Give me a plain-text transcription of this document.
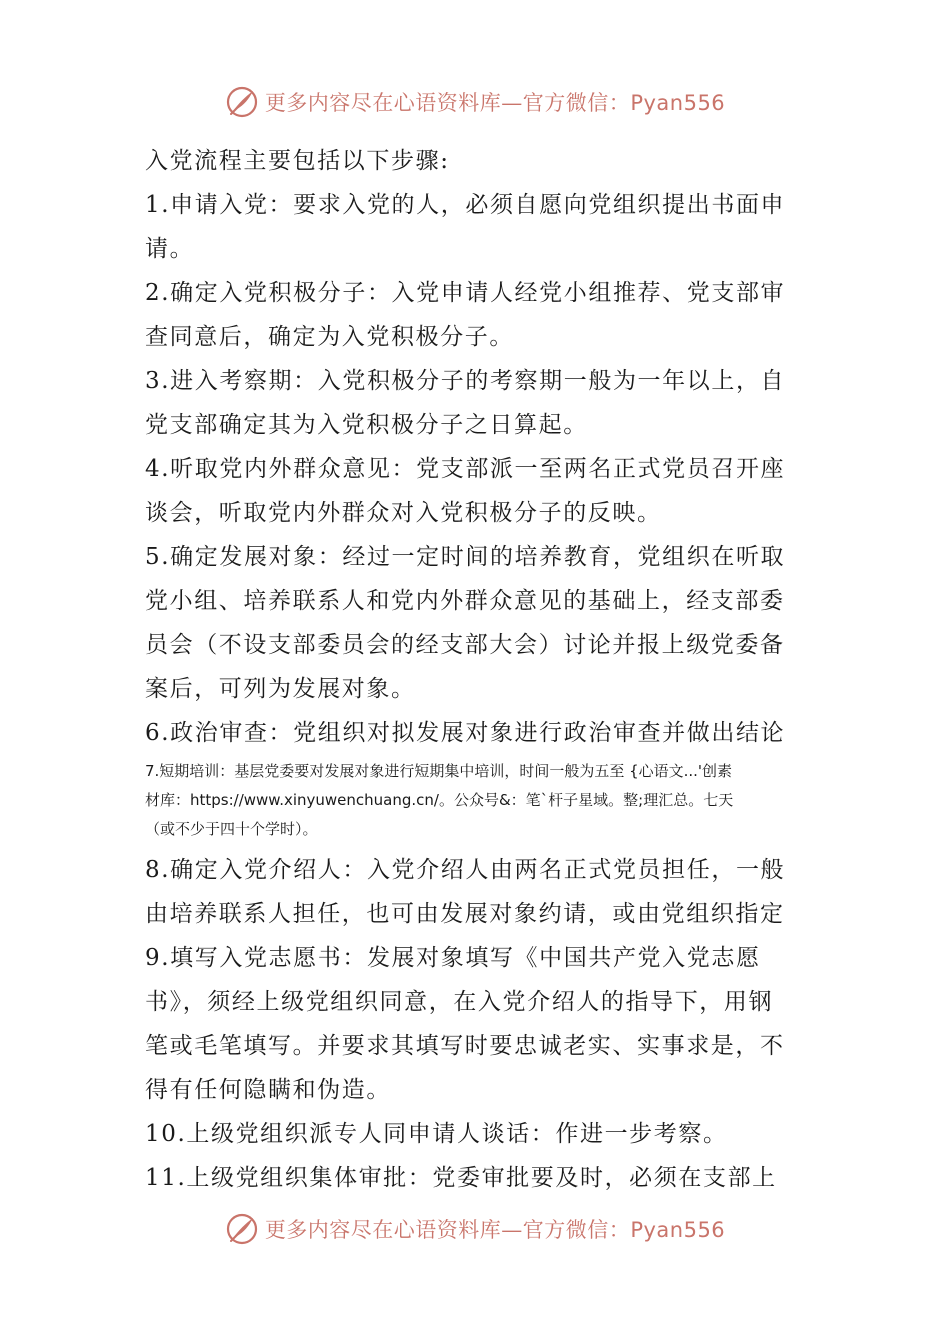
更多内容尽在心语资料库—官方微信：Pyan556
入党流程主要包括以下步骤:
1.申请入党：要求入党的人，必须自愿向党组织提出书面申
请。
2.确定入党积极分子：入党申请人经党小组推荐、党支部审
查同意后，确定为入党积极分子。
3.进入考察期：入党积极分子的考察期一般为一年以上，自
党支部确定其为入党积极分子之日算起。
4.听取党内外群众意见：党支部派一至两名正式党员召开座
谈会，听取党内外群众对入党积极分子的反映。
5.确定发展对象：经过一定时间的培养教育，党组织在听取
党小组、培养联系人和党内外群众意见的基础上，经支部委
员会（不设支部委员会的经支部大会）讨论并报上级党委备
案后，可列为发展对象。
6.政治审查：党组织对拟发展对象进行政治审查并做出结论
7.短期培训：基层党委要对发展对象进行短期集中培训，时间一般为五至 {心语文...'创素
材库：https://www.xinyuwenchuang.cn/。公众号&：笔`杆子星域。整;理汇总。七天
（或不少于四十个学时）。
8.确定入党介绍人：入党介绍人由两名正式党员担任，一般
由培养联系人担任，也可由发展对象约请，或由党组织指定
9.填写入党志愿书：发展对象填写《中国共产党入党志愿
书》，须经上级党组织同意，在入党介绍人的指导下，用钢
笔或毛笔填写。并要求其填写时要忠诚老实、实事求是，不
得有任何隐瞒和伪造。
10.上级党组织派专人同申请人谈话：作进一步考察。
11.上级党组织集体审批：党委审批要及时，必须在支部上
更多内容尽在心语资料库—官方微信：Pyan556
